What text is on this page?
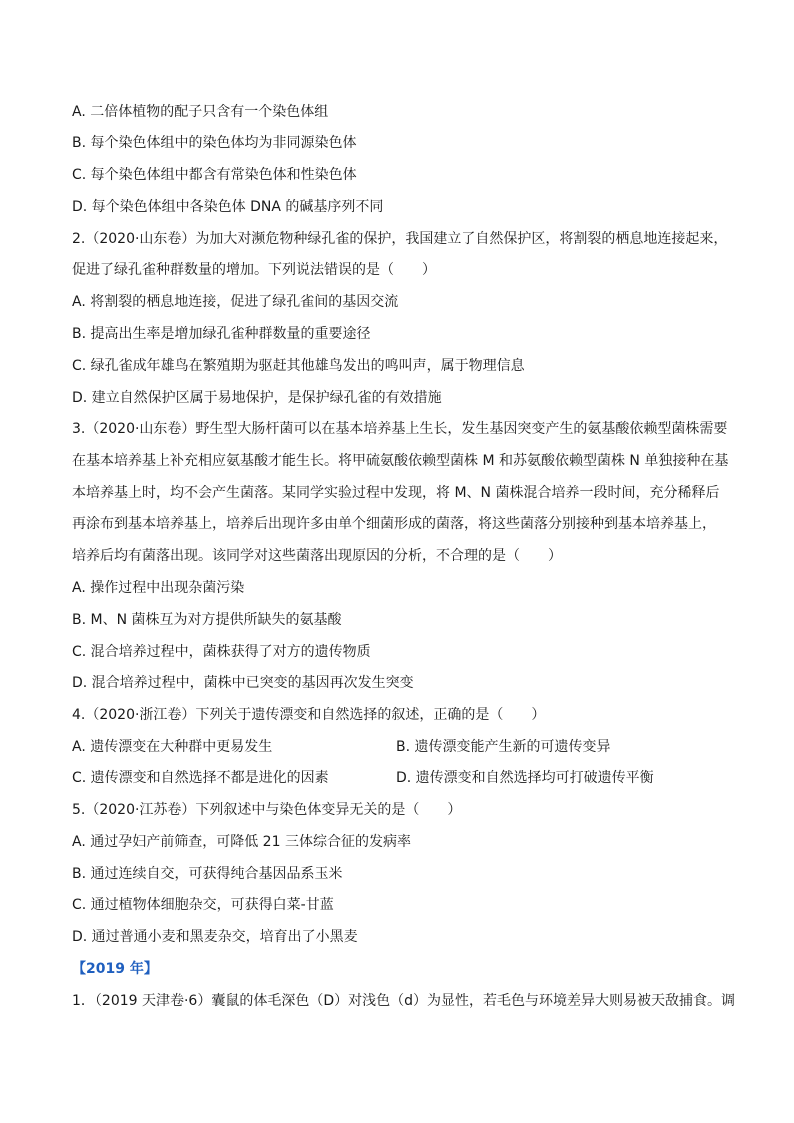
A. 二倍体植物的配子只含有一个染色体组
B. 每个染色体组中的染色体均为非同源染色体
C. 每个染色体组中都含有常染色体和性染色体
D. 每个染色体组中各染色体 DNA 的碱基序列不同
2.（2020·山东卷）为加大对濒危物种绿孔雀的保护，我国建立了自然保护区，将割裂的栖息地连接起来，
促进了绿孔雀种群数量的增加。下列说法错误的是（　　）
A. 将割裂的栖息地连接，促进了绿孔雀间的基因交流
B. 提高出生率是增加绿孔雀种群数量的重要途径
C. 绿孔雀成年雄鸟在繁殖期为驱赶其他雄鸟发出的鸣叫声，属于物理信息
D. 建立自然保护区属于易地保护，是保护绿孔雀的有效措施
3.（2020·山东卷）野生型大肠杆菌可以在基本培养基上生长，发生基因突变产生的氨基酸依赖型菌株需要
在基本培养基上补充相应氨基酸才能生长。将甲硫氨酸依赖型菌株 M 和苏氨酸依赖型菌株 N 单独接种在基
本培养基上时，均不会产生菌落。某同学实验过程中发现，将 M、N 菌株混合培养一段时间，充分稀释后
再涂布到基本培养基上，培养后出现许多由单个细菌形成的菌落，将这些菌落分别接种到基本培养基上，
培养后均有菌落出现。该同学对这些菌落出现原因的分析，不合理的是（　　）
A. 操作过程中出现杂菌污染
B. M、N 菌株互为对方提供所缺失的氨基酸
C. 混合培养过程中，菌株获得了对方的遗传物质
D. 混合培养过程中，菌株中已突变的基因再次发生突变
4.（2020·浙江卷）下列关于遗传漂变和自然选择的叙述，正确的是（　　）
A. 遗传漂变在大种群中更易发生	B. 遗传漂变能产生新的可遗传变异
C. 遗传漂变和自然选择不都是进化的因素	D. 遗传漂变和自然选择均可打破遗传平衡
5.（2020·江苏卷）下列叙述中与染色体变异无关的是（　　）
A. 通过孕妇产前筛查，可降低 21 三体综合征的发病率
B. 通过连续自交，可获得纯合基因品系玉米
C. 通过植物体细胞杂交，可获得白菜-甘蓝
D. 通过普通小麦和黑麦杂交，培育出了小黑麦
【2019 年】
1．（2019 天津卷·6）囊鼠的体毛深色（D）对浅色（d）为显性，若毛色与环境差异大则易被天敌捕食。调
